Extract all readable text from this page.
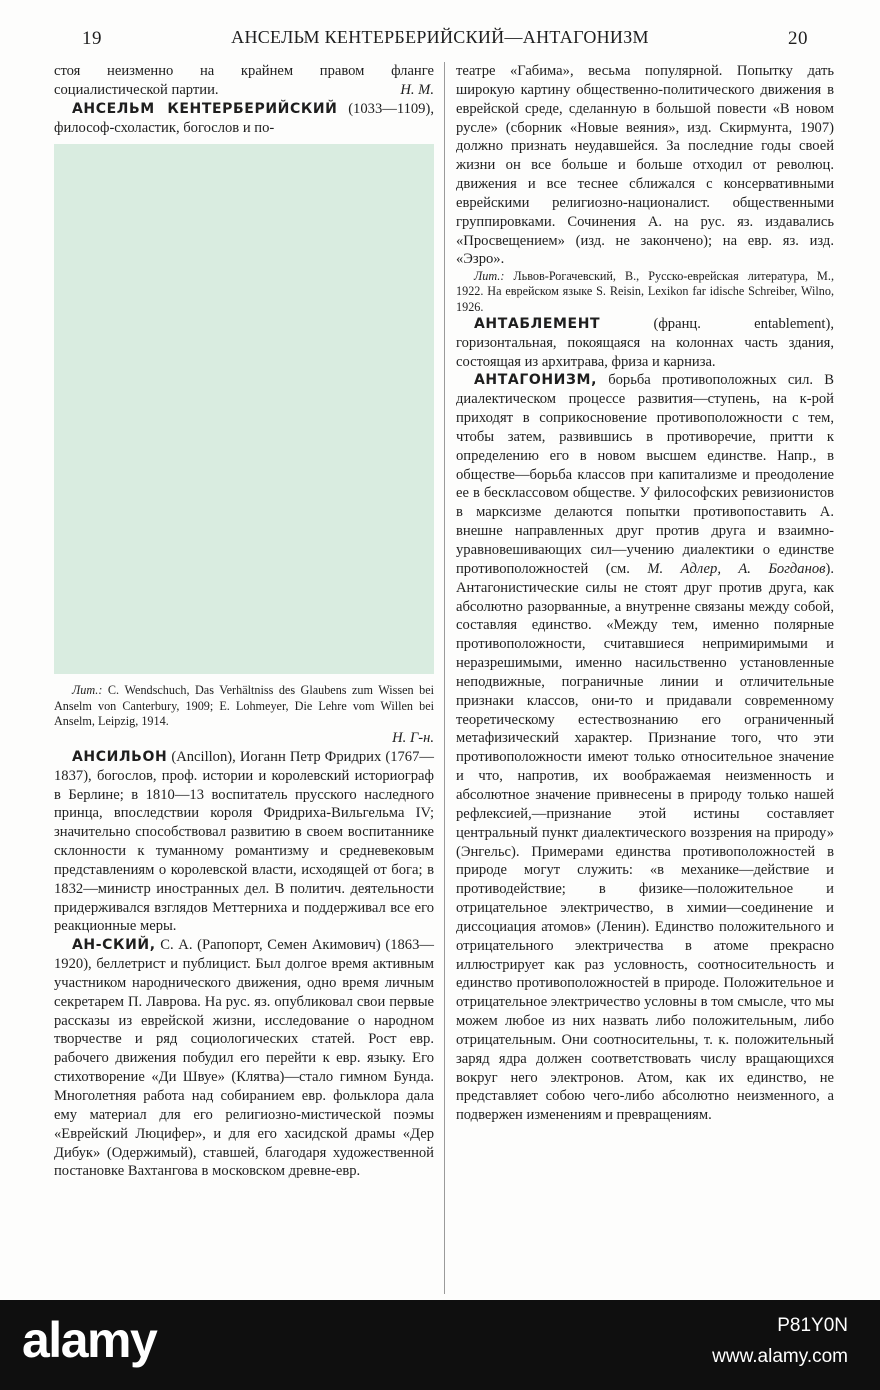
19	АНСЕЛЬМ КЕНТЕРБЕРИЙСКИЙ—АНТАГОНИЗМ	20

стоя неизменно на крайнем правом фланге социалистической партии.	Н. М.

АНСЕЛЬМ КЕНТЕРБЕРИЙСКИЙ (1033—1109), философ-схоластик, богослов и по-

Лит.: С. Wendschuch, Das Verhältniss des Glaubens zum Wissen bei Anselm von Canterbury, 1909; E. Lohmeyer, Die Lehre vom Willen bei Anselm, Leipzig, 1914.

Н. Г-н.

АНСИЛЬОН (Ancillon), Иоганн Петр Фридрих (1767—1837), богослов, проф. истории и королевский историограф в Берлине; в 1810—13 воспитатель прусского наследного принца, впоследствии короля Фридриха-Вильгельма IV; значительно способствовал развитию в своем воспитаннике склонности к туманному романтизму и средневековым представлениям о королевской власти, исходящей от бога; в 1832—министр иностранных дел. В политич. деятельности придерживался взглядов Меттерниха и поддерживал все его реакционные меры.

АН-СКИЙ, С. А. (Рапопорт, Семен Акимович) (1863—1920), беллетрист и публицист. Был долгое время активным участником народнического движения, одно время личным секретарем П. Лаврова. На рус. яз. опубликовал свои первые рассказы из еврейской жизни, исследование о народном творчестве и ряд социологических статей. Рост евр. рабочего движения побудил его перейти к евр. языку. Его стихотворение «Ди Швуе» (Клятва)—стало гимном Бунда. Многолетняя работа над собиранием евр. фольклора дала ему материал для его религиозно-мистической поэмы «Еврейский Люцифер», и для его хасидской драмы «Дер Дибук» (Одержимый), ставшей, благодаря художественной постановке Вахтангова в московском древне-евр.

театре «Габима», весьма популярной. Попытку дать широкую картину общественно-политического движения в еврейской среде, сделанную в большой повести «В новом русле» (сборник «Новые веяния», изд. Скирмунта, 1907) должно признать неудавшейся. За последние годы своей жизни он все больше и больше отходил от революц. движения и все теснее сближался с консервативными еврейскими религиозно-националист. общественными группировками. Сочинения А. на рус. яз. издавались «Просвещением» (изд. не закончено); на евр. яз. изд. «Эзро».

Лит.: Львов-Рогачевский, В., Русско-еврейская литература, М., 1922. На еврейском языке S. Reisin, Lexikon far idische Schreiber, Wilno, 1926.

АНТАБЛЕМЕНТ (франц. entablement), горизонтальная, покоящаяся на колоннах часть здания, состоящая из архитрава, фриза и карниза.

АНТАГОНИЗМ, борьба противоположных сил. В диалектическом процессе развития—ступень, на к-рой приходят в соприкосновение противоположности с тем, чтобы затем, развившись в противоречие, притти к определению его в новом высшем единстве. Напр., в обществе—борьба классов при капитализме и преодоление ее в бесклассовом обществе. У философских ревизионистов в марксизме делаются попытки противопоставить А. внешне направленных друг против друга и взаимно-уравновешивающих сил—учению диалектики о единстве противоположностей (см. М. Адлер, А. Богданов). Антагонистические силы не стоят друг против друга, как абсолютно разорванные, а внутренне связаны между собой, составляя единство. «Между тем, именно полярные противоположности, считавшиеся непримиримыми и неразрешимыми, именно насильственно установленные неподвижные, пограничные линии и отличительные признаки классов, они-то и придавали современному теоретическому естествознанию его ограниченный метафизический характер. Признание того, что эти противоположности имеют только относительное значение и что, напротив, их воображаемая неизменность и абсолютное значение привнесены в природу только нашей рефлексией,—признание этой истины составляет центральный пункт диалектического воззрения на природу» (Энгельс). Примерами единства противоположностей в природе могут служить: «в механике—действие и противодействие; в физике—положительное и отрицательное электричество, в химии—соединение и диссоциация атомов» (Ленин). Единство положительного и отрицательного электричества в атоме прекрасно иллюстрирует как раз условность, соотносительность и единство противоположностей в природе. Положительное и отрицательное электричество условны в том смысле, что мы можем любое из них назвать либо положительным, либо отрицательным. Они соотносительны, т. к. положительный заряд ядра должен соответствовать числу вращающихся вокруг него электронов. Атом, как их единство, не представляет собою чего-либо абсолютно неизменного, а подвержен изменениям и превращениям.

alamy	P81Y0N
www.alamy.com
